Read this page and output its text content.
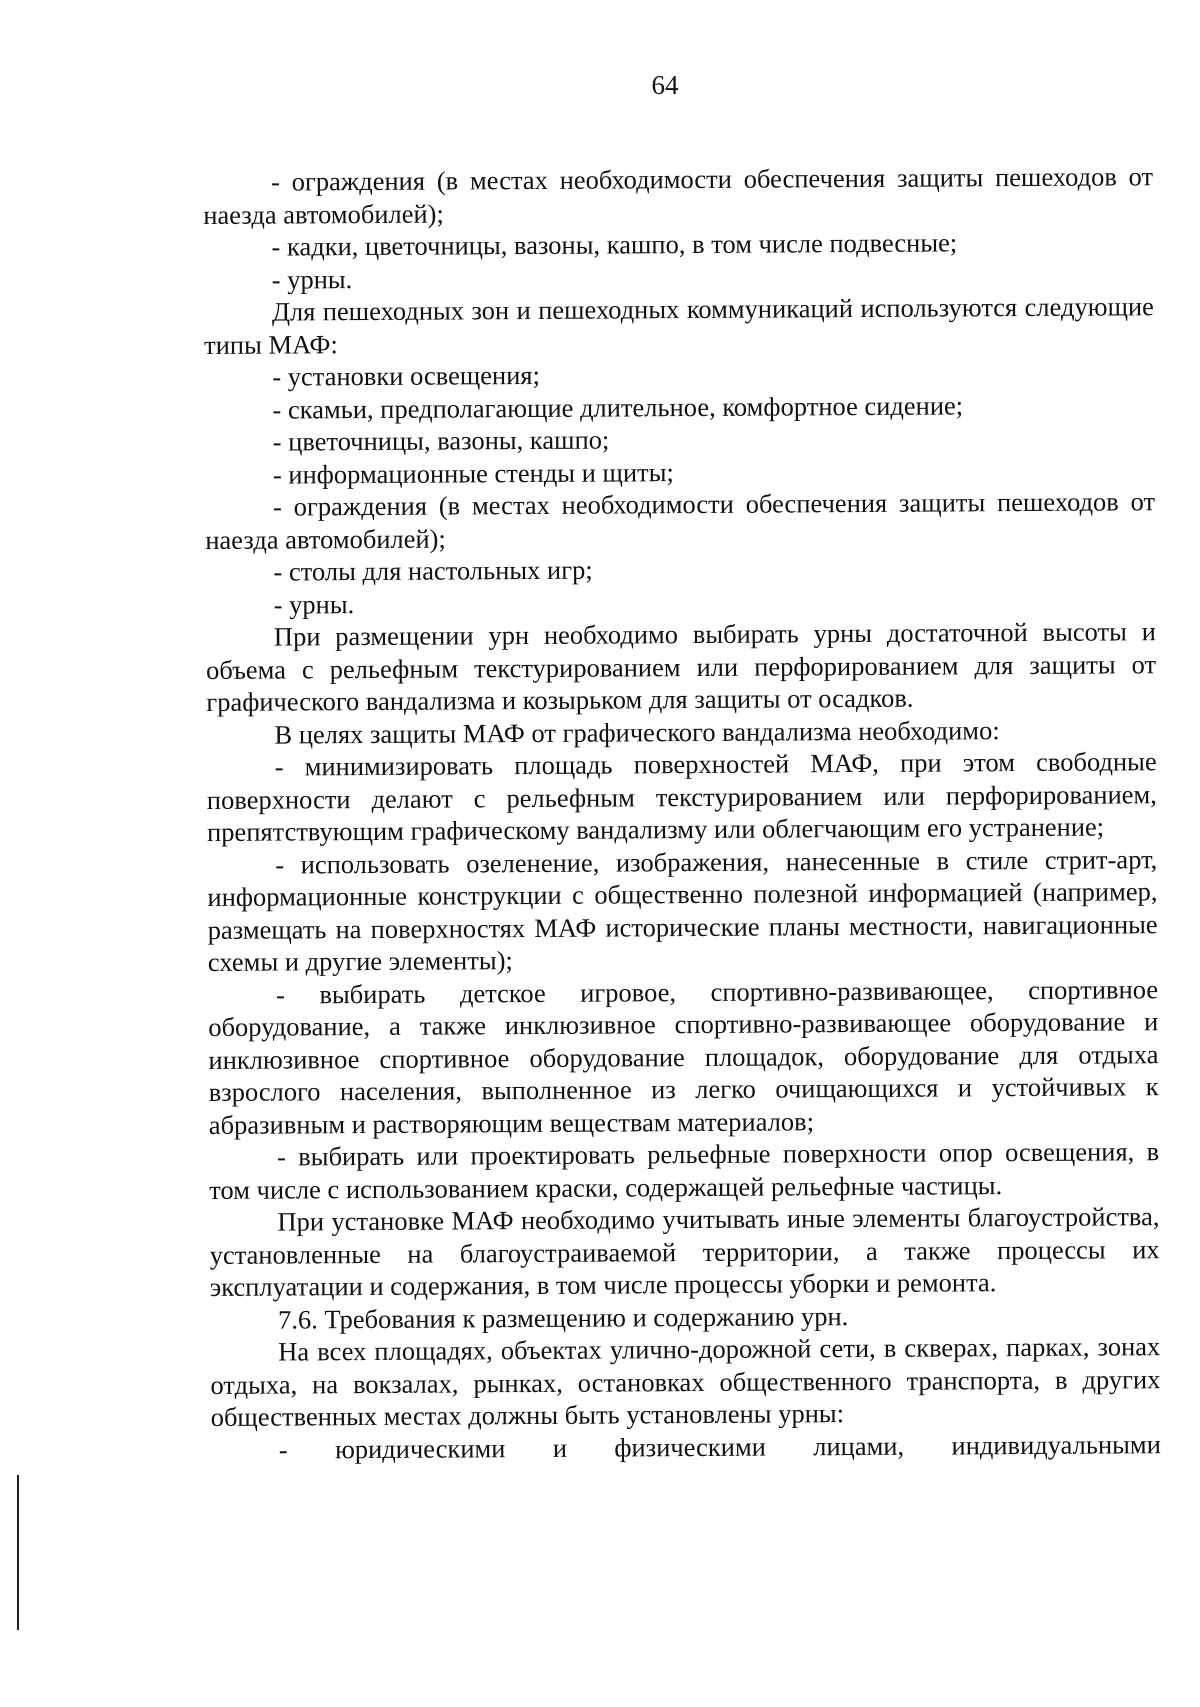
64

- ограждения (в местах необходимости обеспечения защиты пешеходов от наезда автомобилей);

- кадки, цветочницы, вазоны, кашпо, в том числе подвесные;

- урны.

Для пешеходных зон и пешеходных коммуникаций используются следующие типы МАФ:

- установки освещения;

- скамьи, предполагающие длительное, комфортное сидение;

- цветочницы, вазоны, кашпо;

- информационные стенды и щиты;

- ограждения (в местах необходимости обеспечения защиты пешеходов от наезда автомобилей);

- столы для настольных игр;

- урны.

При размещении урн необходимо выбирать урны достаточной высоты и объема с рельефным текстурированием или перфорированием для защиты от графического вандализма и козырьком для защиты от осадков.

В целях защиты МАФ от графического вандализма необходимо:

- минимизировать площадь поверхностей МАФ, при этом свободные поверхности делают с рельефным текстурированием или перфорированием, препятствующим графическому вандализму или облегчающим его устранение;

- использовать озеленение, изображения, нанесенные в стиле стрит-арт, информационные конструкции с общественно полезной информацией (например, размещать на поверхностях МАФ исторические планы местности, навигационные схемы и другие элементы);

- выбирать детское игровое, спортивно-развивающее, спортивное оборудование, а также инклюзивное спортивно-развивающее оборудование и инклюзивное спортивное оборудование площадок, оборудование для отдыха взрослого населения, выполненное из легко очищающихся и устойчивых к абразивным и растворяющим веществам материалов;

- выбирать или проектировать рельефные поверхности опор освещения, в том числе с использованием краски, содержащей рельефные частицы.

При установке МАФ необходимо учитывать иные элементы благоустройства, установленные на благоустраиваемой территории, а также процессы их эксплуатации и содержания, в том числе процессы уборки и ремонта.

7.6. Требования к размещению и содержанию урн.

На всех площадях, объектах улично-дорожной сети, в скверах, парках, зонах отдыха, на вокзалах, рынках, остановках общественного транспорта, в других общественных местах должны быть установлены урны:

- юридическими и физическими лицами, индивидуальными
